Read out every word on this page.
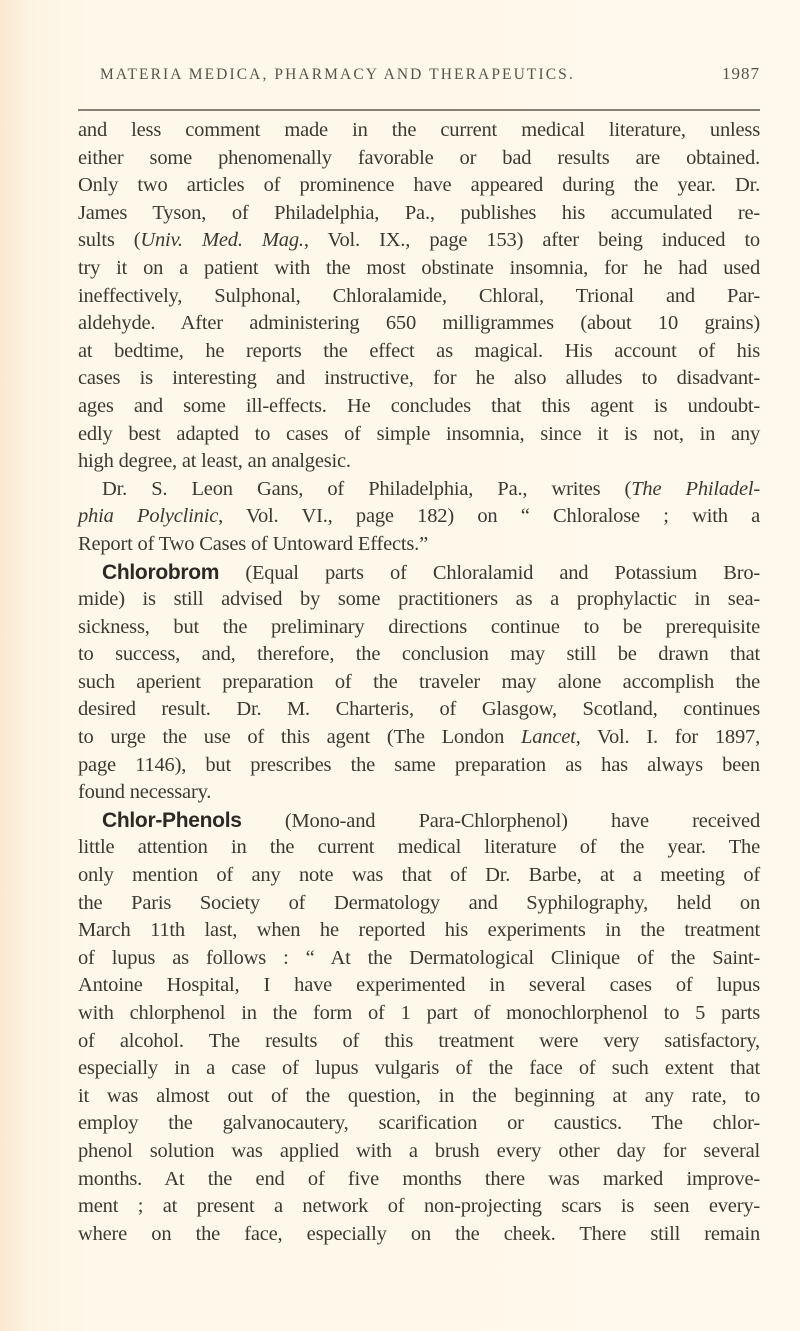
MATERIA MEDICA, PHARMACY AND THERAPEUTICS.	1987
and less comment made in the current medical literature, unless
either some phenomenally favorable or bad results are obtained.
Only two articles of prominence have appeared during the year. Dr.
James Tyson, of Philadelphia, Pa., publishes his accumulated re-
sults (Univ. Med. Mag., Vol. IX., page 153) after being induced to
try it on a patient with the most obstinate insomnia, for he had used
ineffectively, Sulphonal, Chloralamide, Chloral, Trional and Par-
aldehyde. After administering 650 milligrammes (about 10 grains)
at bedtime, he reports the effect as magical. His account of his
cases is interesting and instructive, for he also alludes to disadvant-
ages and some ill-effects. He concludes that this agent is undoubt-
edly best adapted to cases of simple insomnia, since it is not, in any
high degree, at least, an analgesic.
Dr. S. Leon Gans, of Philadelphia, Pa., writes (The Philadel-
phia Polyclinic, Vol. VI., page 182) on “ Chloralose ; with a
Report of Two Cases of Untoward Effects.”
Chlorobrom (Equal parts of Chloralamid and Potassium Bro-
mide) is still advised by some practitioners as a prophylactic in sea-
sickness, but the preliminary directions continue to be prerequisite
to success, and, therefore, the conclusion may still be drawn that
such aperient preparation of the traveler may alone accomplish the
desired result. Dr. M. Charteris, of Glasgow, Scotland, continues
to urge the use of this agent (The London Lancet, Vol. I. for 1897,
page 1146), but prescribes the same preparation as has always been
found necessary.
Chlor-Phenols (Mono-and Para-Chlorphenol) have received
little attention in the current medical literature of the year. The
only mention of any note was that of Dr. Barbe, at a meeting of
the Paris Society of Dermatology and Syphilography, held on
March 11th last, when he reported his experiments in the treatment
of lupus as follows : “ At the Dermatological Clinique of the Saint-
Antoine Hospital, I have experimented in several cases of lupus
with chlorphenol in the form of 1 part of monochlorphenol to 5 parts
of alcohol. The results of this treatment were very satisfactory,
especially in a case of lupus vulgaris of the face of such extent that
it was almost out of the question, in the beginning at any rate, to
employ the galvanocautery, scarification or caustics. The chlor-
phenol solution was applied with a brush every other day for several
months. At the end of five months there was marked improve-
ment ; at present a network of non-projecting scars is seen every-
where on the face, especially on the cheek. There still remain
